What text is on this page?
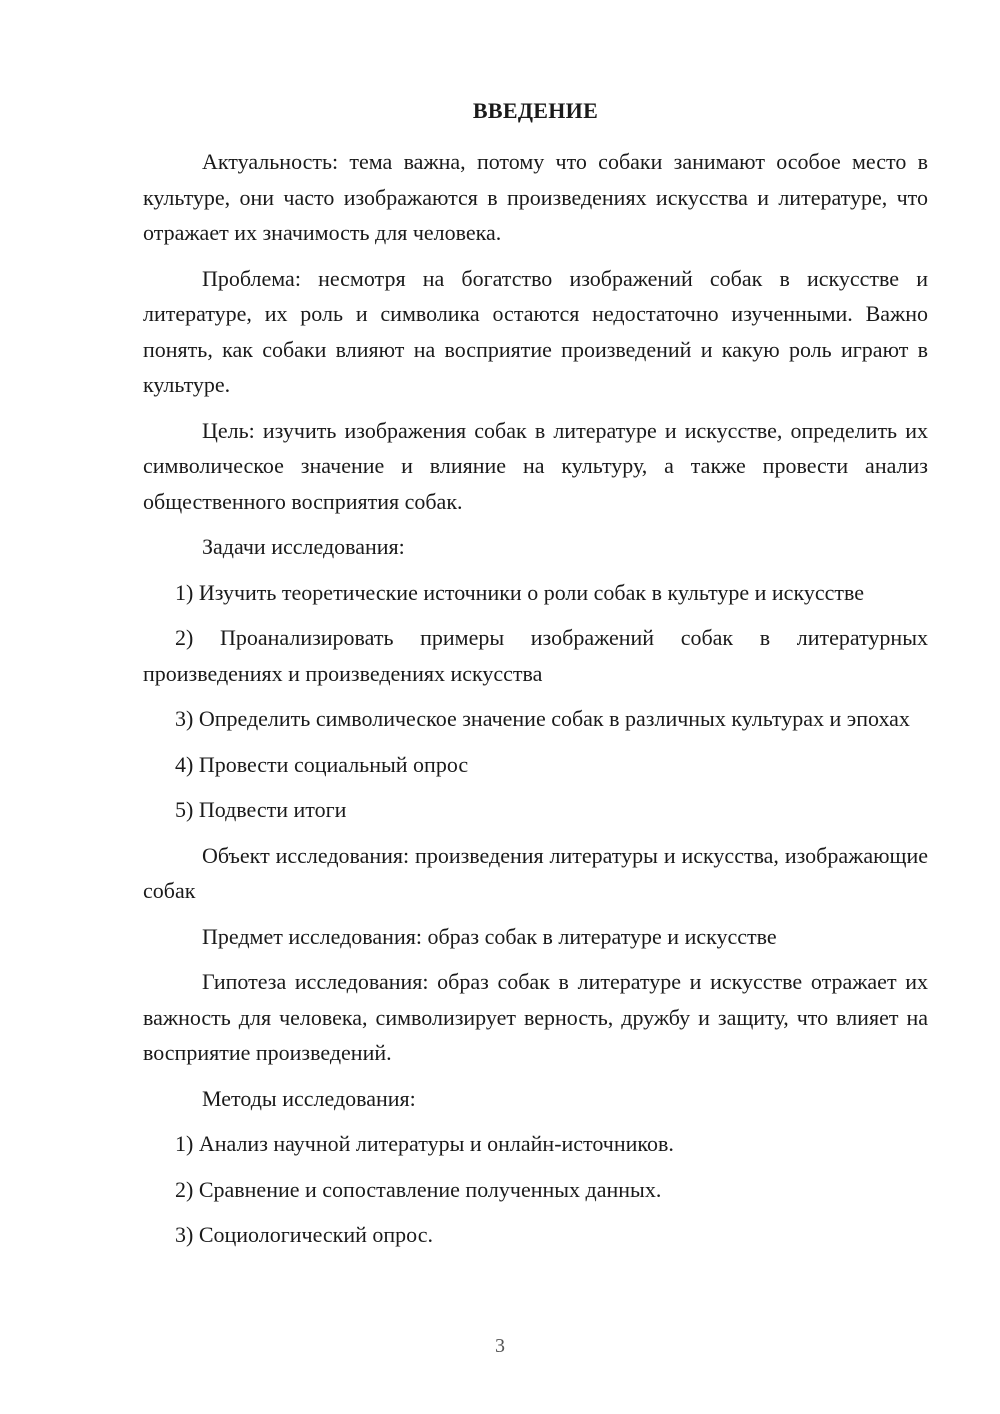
ВВЕДЕНИЕ

Актуальность: тема важна, потому что собаки занимают особое место в культуре, они часто изображаются в произведениях искусства и литературе, что отражает их значимость для человека.

Проблема: несмотря на богатство изображений собак в искусстве и литературе, их роль и символика остаются недостаточно изученными. Важно понять, как собаки влияют на восприятие произведений и какую роль играют в культуре.

Цель: изучить изображения собак в литературе и искусстве, определить их символическое значение и влияние на культуру, а также провести анализ общественного восприятия собак.

Задачи исследования:

1) Изучить теоретические источники о роли собак в культуре и искусстве

2) Проанализировать примеры изображений собак в литературных произведениях и произведениях искусства

3) Определить символическое значение собак в различных культурах и эпохах

4) Провести социальный опрос

5) Подвести итоги

Объект исследования: произведения литературы и искусства, изображающие собак

Предмет исследования: образ собак в литературе и искусстве

Гипотеза исследования: образ собак в литературе и искусстве отражает их важность для человека, символизирует верность, дружбу и защиту, что влияет на восприятие произведений.

Методы исследования:

1) Анализ научной литературы и онлайн-источников.

2) Сравнение и сопоставление полученных данных.

3) Социологический опрос.

3
